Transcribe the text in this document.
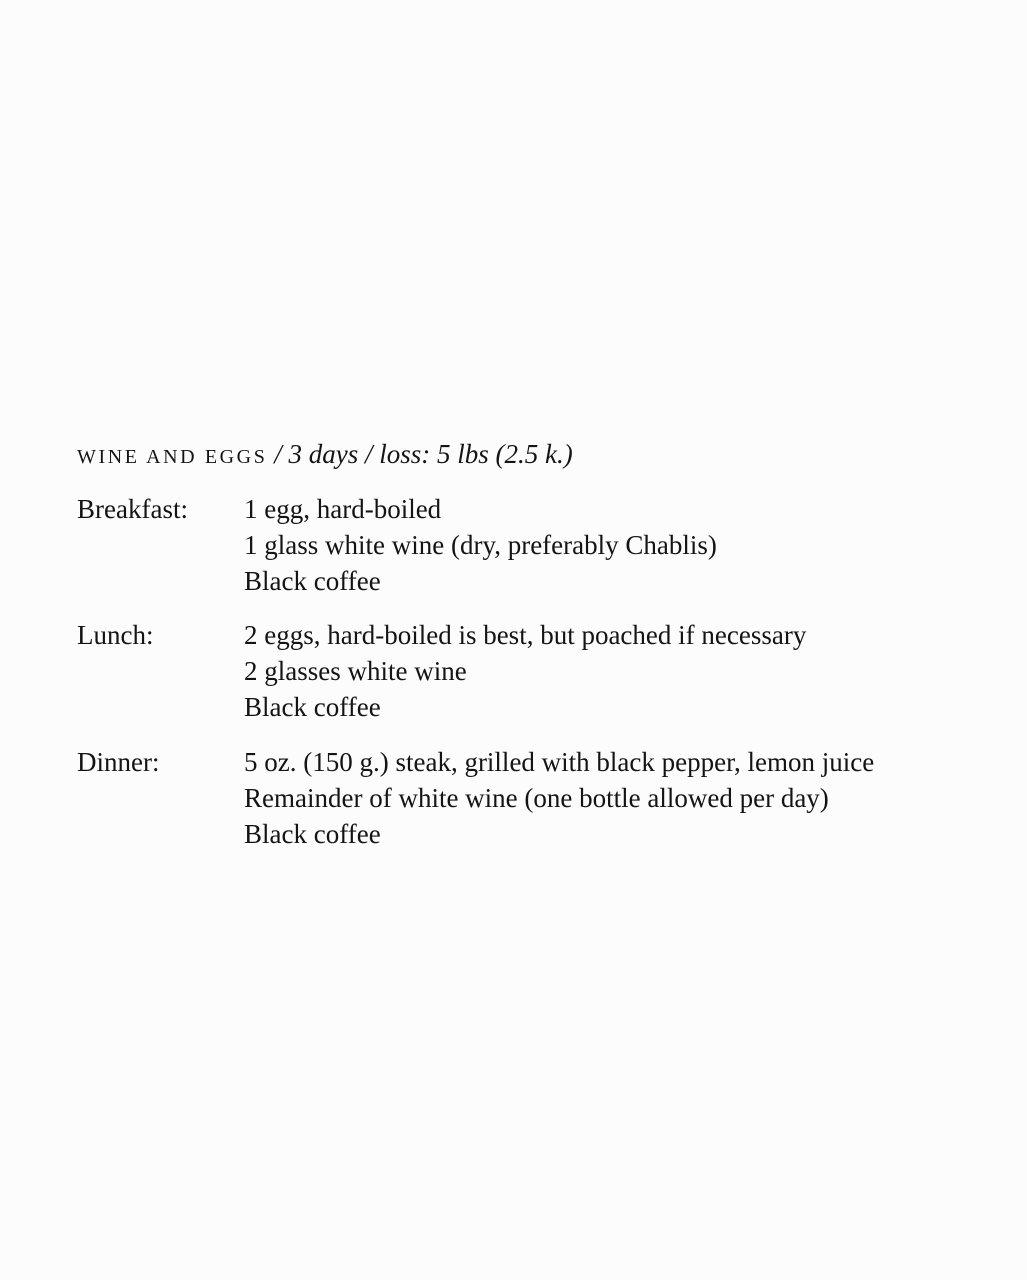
WINE AND EGGS / 3 days / loss: 5 lbs (2.5 k.)
Breakfast: 1 egg, hard-boiled
1 glass white wine (dry, preferably Chablis)
Black coffee
Lunch:	2 eggs, hard-boiled is best, but poached if necessary
2 glasses white wine
Black coffee
Dinner:	5 oz. (150 g.) steak, grilled with black pepper, lemon juice
Remainder of white wine (one bottle allowed per day)
Black coffee
